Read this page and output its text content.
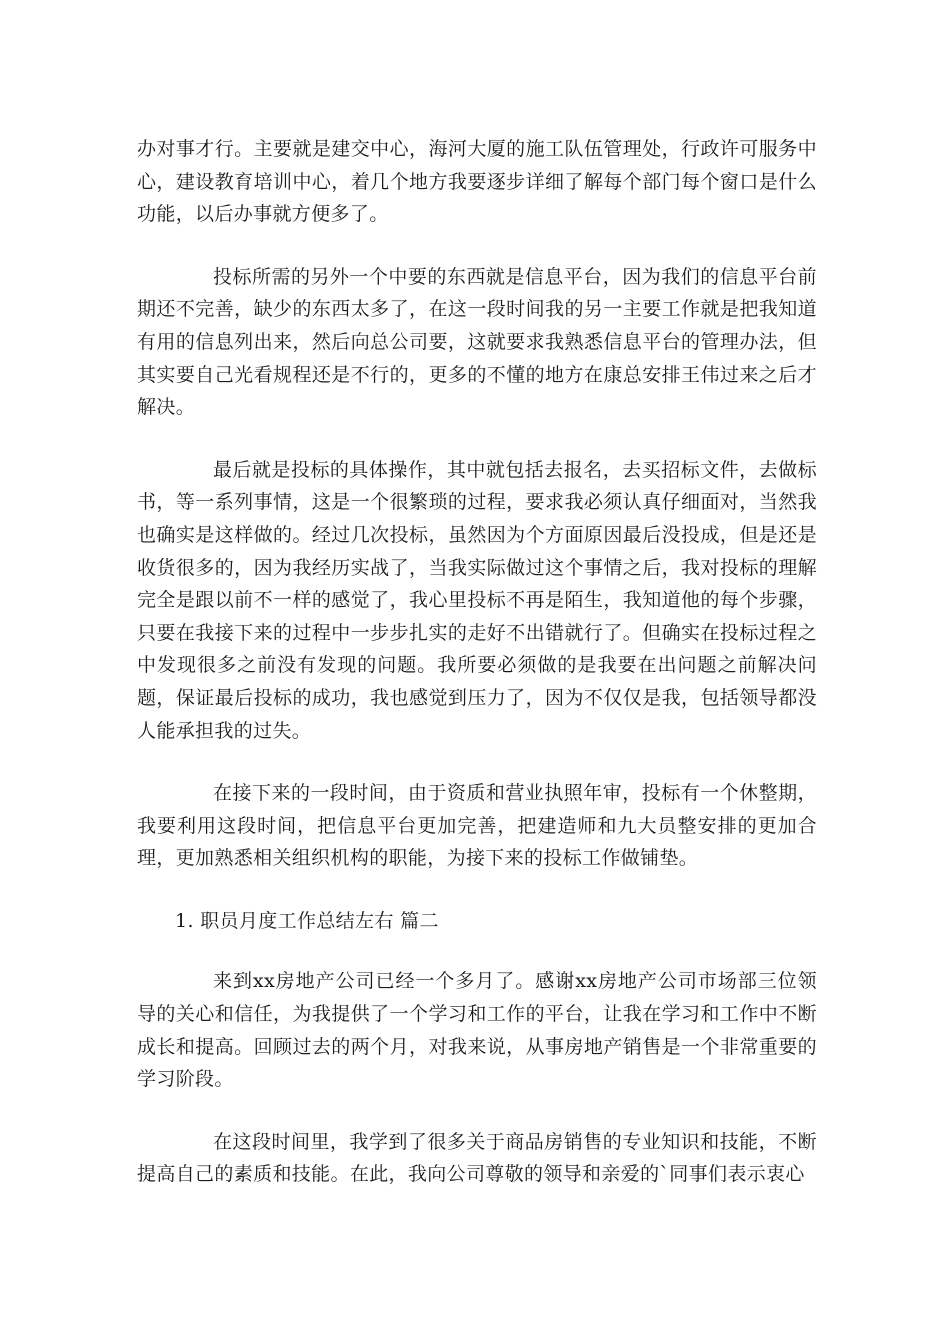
办对事才行。主要就是建交中心，海河大厦的施工队伍管理处，行政许可服务中心，建设教育培训中心，着几个地方我要逐步详细了解每个部门每个窗口是什么功能，以后办事就方便多了。

投标所需的另外一个中要的东西就是信息平台，因为我们的信息平台前期还不完善，缺少的东西太多了，在这一段时间我的另一主要工作就是把我知道有用的信息列出来，然后向总公司要，这就要求我熟悉信息平台的管理办法，但其实要自己光看规程还是不行的，更多的不懂的地方在康总安排王伟过来之后才解决。

最后就是投标的具体操作，其中就包括去报名，去买招标文件，去做标书，等一系列事情，这是一个很繁琐的过程，要求我必须认真仔细面对，当然我也确实是这样做的。经过几次投标，虽然因为个方面原因最后没投成，但是还是收货很多的，因为我经历实战了，当我实际做过这个事情之后，我对投标的理解完全是跟以前不一样的感觉了，我心里投标不再是陌生，我知道他的每个步骤，只要在我接下来的过程中一步步扎实的走好不出错就行了。但确实在投标过程之中发现很多之前没有发现的问题。我所要必须做的是我要在出问题之前解决问题，保证最后投标的成功，我也感觉到压力了，因为不仅仅是我，包括领导都没人能承担我的过失。

在接下来的一段时间，由于资质和营业执照年审，投标有一个休整期，我要利用这段时间，把信息平台更加完善，把建造师和九大员整安排的更加合理，更加熟悉相关组织机构的职能，为接下来的投标工作做铺垫。

1. 职员月度工作总结左右 篇二

来到xx房地产公司已经一个多月了。感谢xx房地产公司市场部三位领导的关心和信任，为我提供了一个学习和工作的平台，让我在学习和工作中不断成长和提高。回顾过去的两个月，对我来说，从事房地产销售是一个非常重要的学习阶段。

在这段时间里，我学到了很多关于商品房销售的专业知识和技能，不断提高自己的素质和技能。在此，我向公司尊敬的领导和亲爱的`同事们表示衷心
